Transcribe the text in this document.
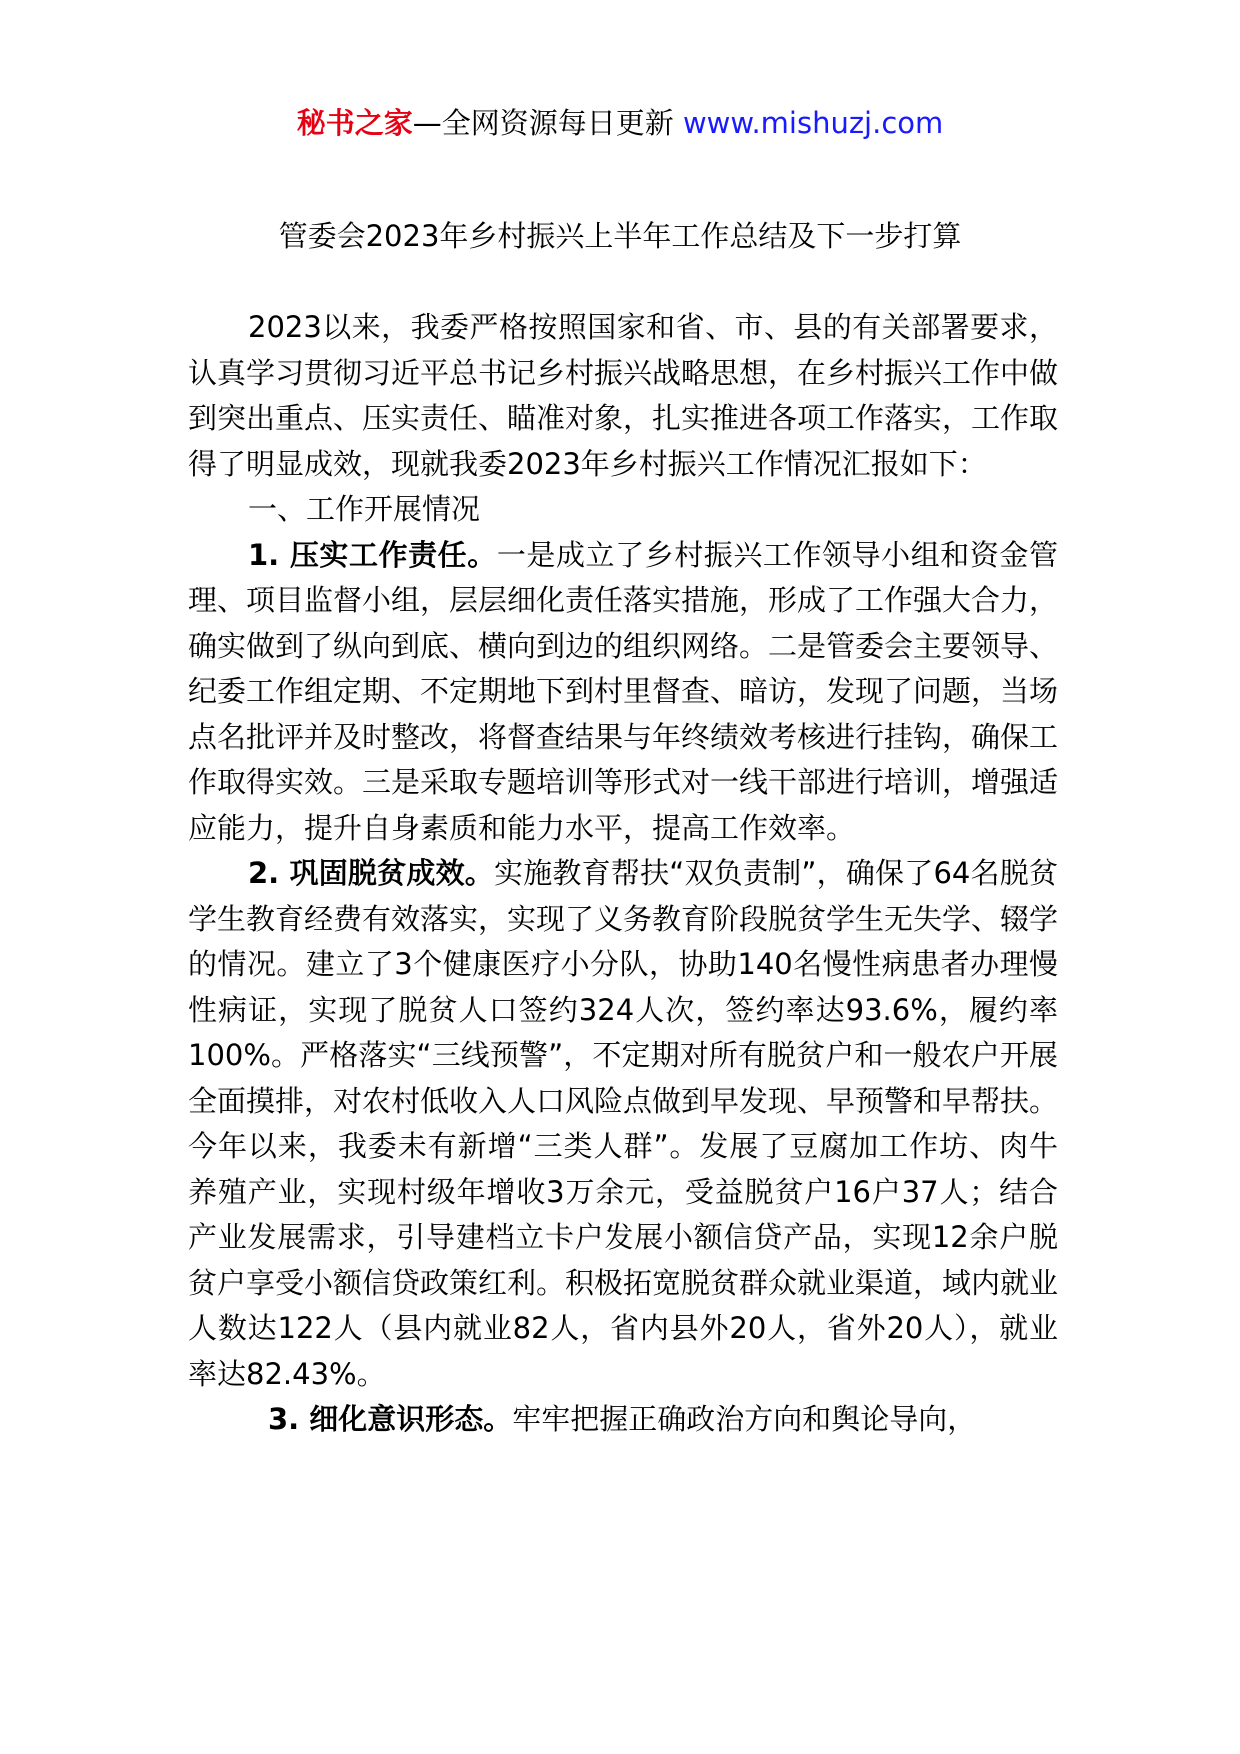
秘书之家—全网资源每日更新 www.mishuzj.com
管委会2023年乡村振兴上半年工作总结及下一步打算

2023以来，我委严格按照国家和省、市、县的有关部署要求，认真学习贯彻习近平总书记乡村振兴战略思想，在乡村振兴工作中做到突出重点、压实责任、瞄准对象，扎实推进各项工作落实，工作取得了明显成效，现就我委2023年乡村振兴工作情况汇报如下：

一、工作开展情况

1. 压实工作责任。一是成立了乡村振兴工作领导小组和资金管理、项目监督小组，层层细化责任落实措施，形成了工作强大合力，确实做到了纵向到底、横向到边的组织网络。二是管委会主要领导、纪委工作组定期、不定期地下到村里督查、暗访，发现了问题，当场点名批评并及时整改，将督查结果与年终绩效考核进行挂钩，确保工作取得实效。三是采取专题培训等形式对一线干部进行培训，增强适应能力，提升自身素质和能力水平，提高工作效率。

2. 巩固脱贫成效。实施教育帮扶“双负责制”，确保了64名脱贫学生教育经费有效落实，实现了义务教育阶段脱贫学生无失学、辍学的情况。建立了3个健康医疗小分队，协助140名慢性病患者办理慢性病证，实现了脱贫人口签约324人次，签约率达93.6%，履约率100%。严格落实“三线预警”，不定期对所有脱贫户和一般农户开展全面摸排，对农村低收入人口风险点做到早发现、早预警和早帮扶。今年以来，我委未有新增“三类人群”。发展了豆腐加工作坊、肉牛养殖产业，实现村级年增收3万余元，受益脱贫户16户37人；结合产业发展需求，引导建档立卡户发展小额信贷产品，实现12余户脱贫户享受小额信贷政策红利。积极拓宽脱贫群众就业渠道，域内就业人数达122人（县内就业82人，省内县外20人，省外20人），就业率达82.43%。

3. 细化意识形态。牢牢把握正确政治方向和舆论导向，
